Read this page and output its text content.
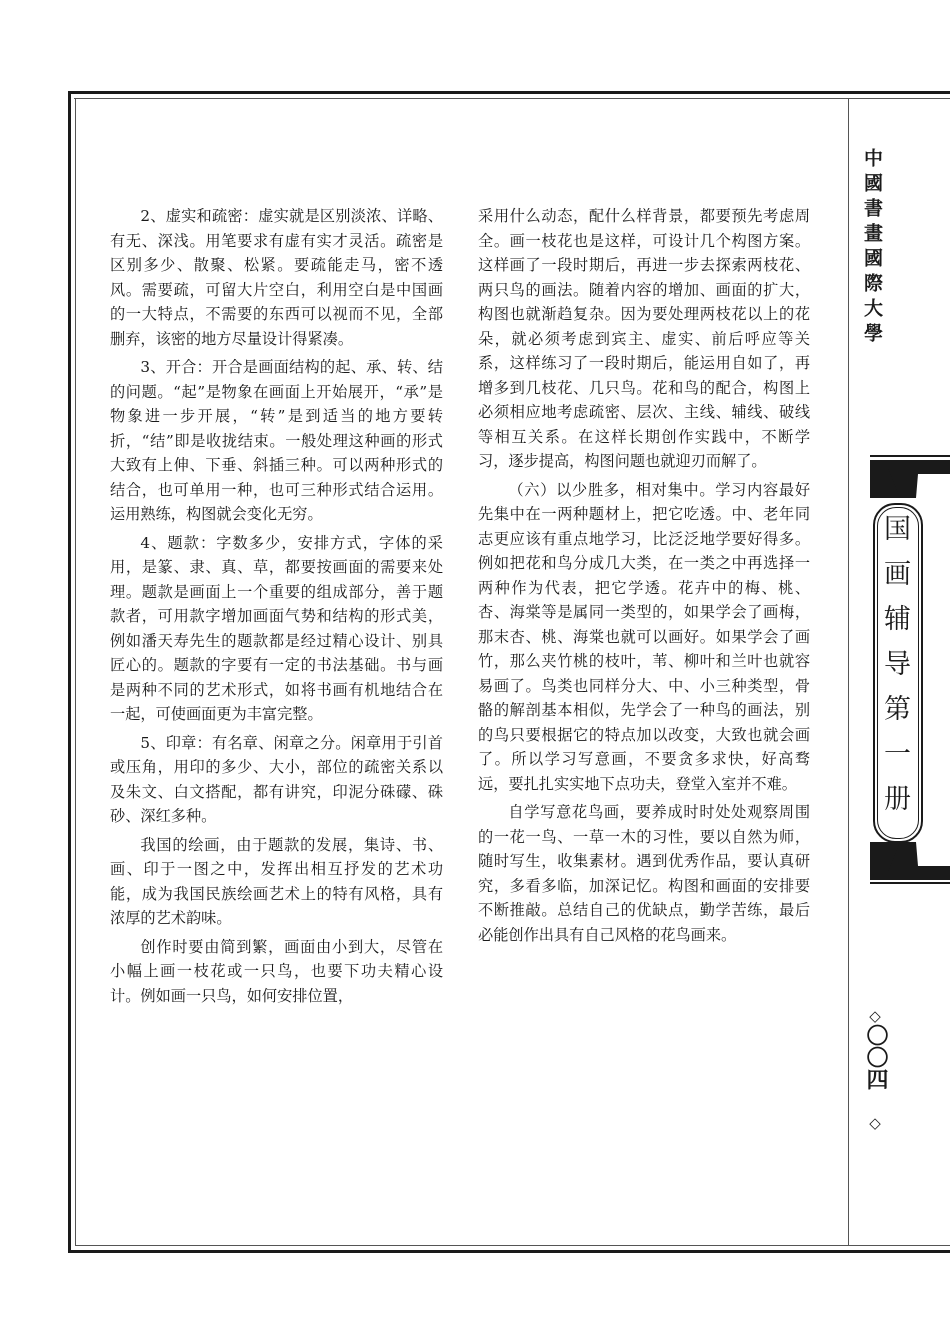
2、虚实和疏密：虚实就是区别淡浓、详略、有无、深浅。用笔要求有虚有实才灵活。疏密是区别多少、散聚、松紧。要疏能走马，密不透风。需要疏，可留大片空白，利用空白是中国画的一大特点，不需要的东西可以视而不见，全部删弃，该密的地方尽量设计得紧凑。

3、开合：开合是画面结构的起、承、转、结的问题。“起”是物象在画面上开始展开，“承”是物象进一步开展，“转”是到适当的地方要转折，“结”即是收拢结束。一般处理这种画的形式大致有上伸、下垂、斜插三种。可以两种形式的结合，也可单用一种，也可三种形式结合运用。运用熟练，构图就会变化无穷。

4、题款：字数多少，安排方式，字体的采用，是篆、隶、真、草，都要按画面的需要来处理。题款是画面上一个重要的组成部分，善于题款者，可用款字增加画面气势和结构的形式美，例如潘天寿先生的题款都是经过精心设计、别具匠心的。题款的字要有一定的书法基础。书与画是两种不同的艺术形式，如将书画有机地结合在一起，可使画面更为丰富完整。

5、印章：有名章、闲章之分。闲章用于引首或压角，用印的多少、大小，部位的疏密关系以及朱文、白文搭配，都有讲究，印泥分硃礞、硃砂、深红多种。

我国的绘画，由于题款的发展，集诗、书、画、印于一图之中，发挥出相互抒发的艺术功能，成为我国民族绘画艺术上的特有风格，具有浓厚的艺术韵味。

创作时要由简到繁，画面由小到大，尽管在小幅上画一枝花或一只鸟，也要下功夫精心设计。例如画一只鸟，如何安排位置，

采用什么动态，配什么样背景，都要预先考虑周全。画一枝花也是这样，可设计几个构图方案。这样画了一段时期后，再进一步去探索两枝花、两只鸟的画法。随着内容的增加、画面的扩大，构图也就渐趋复杂。因为要处理两枝花以上的花朵，就必须考虑到宾主、虚实、前后呼应等关系，这样练习了一段时期后，能运用自如了，再增多到几枝花、几只鸟。花和鸟的配合，构图上必须相应地考虑疏密、层次、主线、辅线、破线等相互关系。在这样长期创作实践中，不断学习，逐步提高，构图问题也就迎刃而解了。

（六）以少胜多，相对集中。学习内容最好先集中在一两种题材上，把它吃透。中、老年同志更应该有重点地学习，比泛泛地学要好得多。例如把花和鸟分成几大类，在一类之中再选择一两种作为代表，把它学透。花卉中的梅、桃、杏、海棠等是属同一类型的，如果学会了画梅，那末杏、桃、海棠也就可以画好。如果学会了画竹，那么夹竹桃的枝叶，苇、柳叶和兰叶也就容易画了。鸟类也同样分大、中、小三种类型，骨骼的解剖基本相似，先学会了一种鸟的画法，别的鸟只要根据它的特点加以改变，大致也就会画了。所以学习写意画，不要贪多求快，好高骛远，要扎扎实实地下点功夫，登堂入室并不难。

自学写意花鸟画，要养成时时处处观察周围的一花一鸟、一草一木的习性，要以自然为师，随时写生，收集素材。遇到优秀作品，要认真研究，多看多临，加深记忆。构图和画面的安排要不断推敲。总结自己的优缺点，勤学苦练，最后必能创作出具有自己风格的花鸟画来。

中國書畫國際大學
国画辅导第一册
◇
〇〇四
◇
